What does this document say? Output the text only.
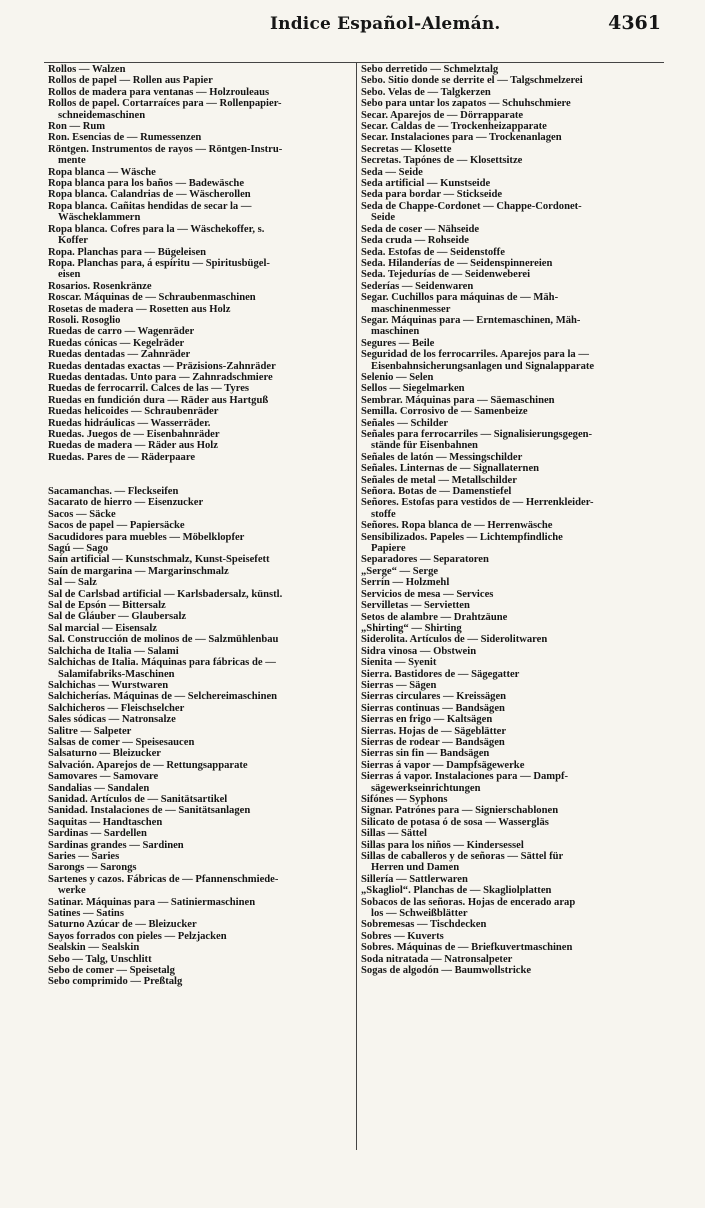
Indice Español-Alemán.	4361
Rollos — Walzen
Rollos de papel — Rollen aus Papier
Rollos de madera para ventanas — Holzrouleaus
Rollos de papel. Cortarraíces para — Rollenpapier-
schneidemaschinen
Ron — Rum
Ron. Esencias de — Rumessenzen
Röntgen. Instrumentos de rayos — Röntgen-Instru-
mente
Ropa blanca — Wäsche
Ropa blanca para los baños — Badewäsche
Ropa blanca. Calandrias de — Wäscherollen
Ropa blanca. Cañitas hendidas de secar la —
Wäscheklammern
Ropa blanca. Cofres para la — Wäschekoffer, s.
Koffer
Ropa. Planchas para — Bügeleisen
Ropa. Planchas para, á espíritu — Spiritusbügel-
eisen
Rosarios. Rosenkränze
Roscar. Máquinas de — Schraubenmaschinen
Rosetas de madera — Rosetten aus Holz
Rosoli. Rosoglio
Ruedas de carro — Wagenräder
Ruedas cónicas — Kegelräder
Ruedas dentadas — Zahnräder
Ruedas dentadas exactas — Präzisions-Zahnräder
Ruedas dentadas. Unto para — Zahnradschmiere
Ruedas de ferrocarril. Calces de las — Tyres
Ruedas en fundición dura — Räder aus Hartguß
Ruedas helicoides — Schraubenräder
Ruedas hidráulicas — Wasserräder.
Ruedas. Juegos de — Eisenbahnräder
Ruedas de madera — Räder aus Holz
Ruedas. Pares de — Räderpaare
Sacamanchas. — Fleckseifen
Sacarato de hierro — Eisenzucker
Sacos — Säcke
Sacos de papel — Papiersäcke
Sacudidores para muebles — Möbelklopfer
Sagú — Sago
Saín artificial — Kunstschmalz, Kunst-Speisefett
Saín de margarina — Margarinschmalz
Sal — Salz
Sal de Carlsbad artificial — Karlsbadersalz, künstl.
Sal de Epsón — Bittersalz
Sal de Gláuber — Glaubersalz
Sal marcial — Eisensalz
Sal. Construcción de molinos de — Salzmühlenbau
Salchicha de Italia — Salami
Salchichas de Italia. Máquinas para fábricas de —
Salamifabriks-Maschinen
Salchichas — Wurstwaren
Salchicherías. Máquinas de — Selchereimaschinen
Salchicheros — Fleischselcher
Sales sódicas — Natronsalze
Salitre — Salpeter
Salsas de comer — Speisesaucen
Salsaturno — Bleizucker
Salvación. Aparejos de — Rettungsapparate
Samovares — Samovare
Sandalias — Sandalen
Sanidad. Artículos de — Sanitätsartikel
Sanidad. Instalaciones de — Sanitätsanlagen
Saquitas — Handtaschen
Sardinas — Sardellen
Sardinas grandes — Sardinen
Saries — Saries
Sarongs — Sarongs
Sartenes y cazos. Fábricas de — Pfannenschmiede-
werke
Satinar. Máquinas para — Satiniermaschinen
Satines — Satins
Saturno Azúcar de — Bleizucker
Sayos forrados con pieles — Pelzjacken
Sealskin — Sealskin
Sebo — Talg, Unschlitt
Sebo de comer — Speisetalg
Sebo comprimido — Preßtalg
Sebo derretido — Schmelztalg
Sebo. Sitio donde se derrite el — Talgschmelzerei
Sebo. Velas de — Talgkerzen
Sebo para untar los zapatos — Schuhschmiere
Secar. Aparejos de — Dörrapparate
Secar. Caldas de — Trockenheizapparate
Secar. Instalaciones para — Trockenanlagen
Secretas — Klosette
Secretas. Tapónes de — Klosettsitze
Seda — Seide
Seda artificial — Kunstseide
Seda para bordar — Stickseide
Seda de Chappe-Cordonet — Chappe-Cordonet-
Seide
Seda de coser — Nähseide
Seda cruda — Rohseide
Seda. Estofas de — Seidenstoffe
Seda. Hilanderías de — Seidenspinnereien
Seda. Tejedurías de — Seidenweberei
Sederías — Seidenwaren
Segar. Cuchillos para máquinas de — Mäh-
maschinenmesser
Segar. Máquinas para — Erntemaschinen, Mäh-
maschinen
Segures — Beile
Seguridad de los ferrocarriles. Aparejos para la —
Eisenbahnsicherungsanlagen und Signalapparate
Selenio — Selen
Sellos — Siegelmarken
Sembrar. Máquinas para — Säemaschinen
Semilla. Corrosivo de — Samenbeize
Señales — Schilder
Señales para ferrocarriles — Signalisierungsgegen-
stände für Eisenbahnen
Señales de latón — Messingschilder
Señales. Linternas de — Signallaternen
Señales de metal — Metallschilder
Señora. Botas de — Damenstiefel
Señores. Estofas para vestidos de — Herrenkleider-
stoffe
Señores. Ropa blanca de — Herrenwäsche
Sensibilizados. Papeles — Lichtempfindliche
Papiere
Separadores — Separatoren
„Serge“ — Serge
Serrín — Holzmehl
Servicios de mesa — Services
Servilletas — Servietten
Setos de alambre — Drahtzäune
„Shirting“ — Shirting
Siderolita. Artículos de — Siderolitwaren
Sidra vinosa — Obstwein
Sienita — Syenit
Sierra. Bastidores de — Sägegatter
Sierras — Sägen
Sierras circulares — Kreissägen
Sierras continuas — Bandsägen
Sierras en frigo — Kaltsägen
Sierras. Hojas de — Sägeblätter
Sierras de rodear — Bandsägen
Sierras sin fin — Bandsägen
Sierras á vapor — Dampfsägewerke
Sierras á vapor. Instalaciones para — Dampf-
sägewerkseinrichtungen
Sifónes — Syphons
Signar. Patrónes para — Signierschablonen
Silicato de potasa ó de sosa — Wassergläs
Sillas — Sättel
Sillas para los niños — Kindersessel
Sillas de caballeros y de señoras — Sättel für
Herren und Damen
Sillería — Sattlerwaren
„Skagliol“. Planchas de — Skagliolplatten
Sobacos de las señoras. Hojas de encerado arap
los — Schweißblätter
Sobremesas — Tischdecken
Sobres — Kuverts
Sobres. Máquinas de — Briefkuvertmaschinen
Soda nitratada — Natronsalpeter
Sogas de algodón — Baumwollstricke
